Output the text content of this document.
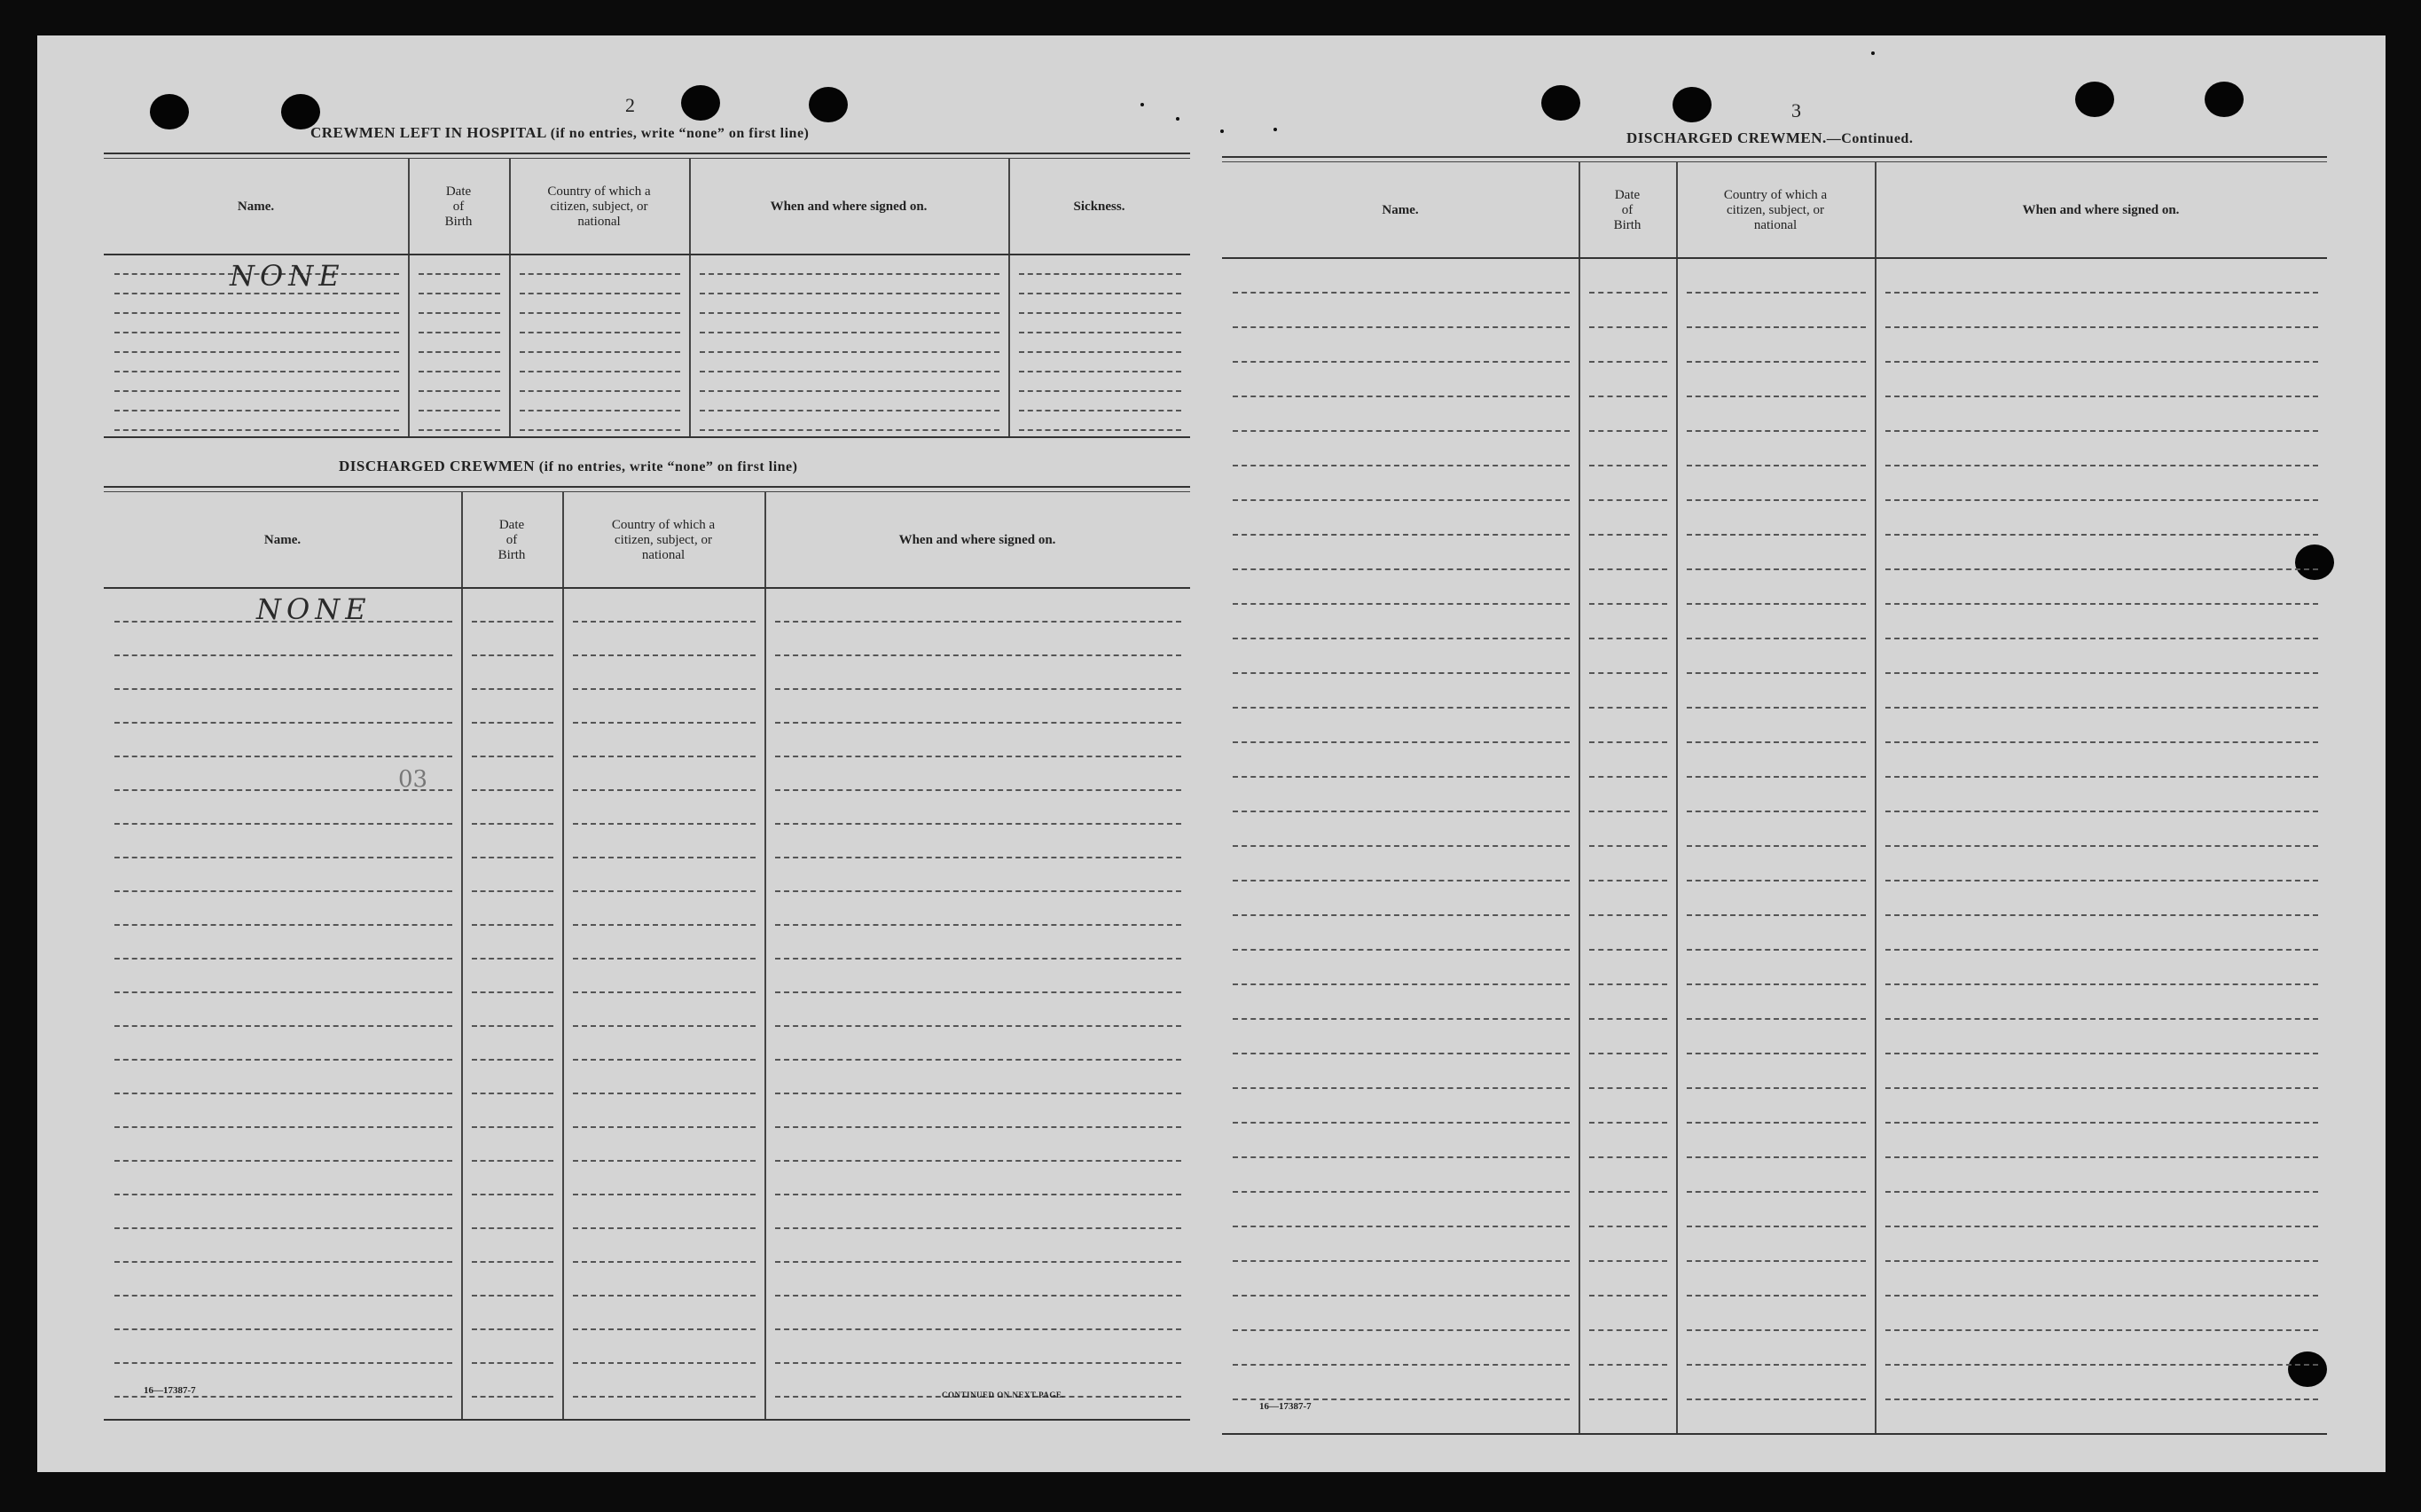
2
CREWMEN LEFT IN HOSPITAL (if no entries, write “none” on first line)
Name.
Date
of
Birth
Country of which a
citizen, subject, or
national
When and where signed on.	Sickness.
NONE
DISCHARGED CREWMEN (if no entries, write “none” on first line)
Name.
Date
of
Birth
Country of which a
citizen, subject, or
national
When and where signed on.
NONE
03
16—17387-7	CONTINUED ON NEXT PAGE.
3
DISCHARGED CREWMEN.—Continued.
Name.
Date
of
Birth
Country of which a
citizen, subject, or
national
When and where signed on.
16—17387-7
